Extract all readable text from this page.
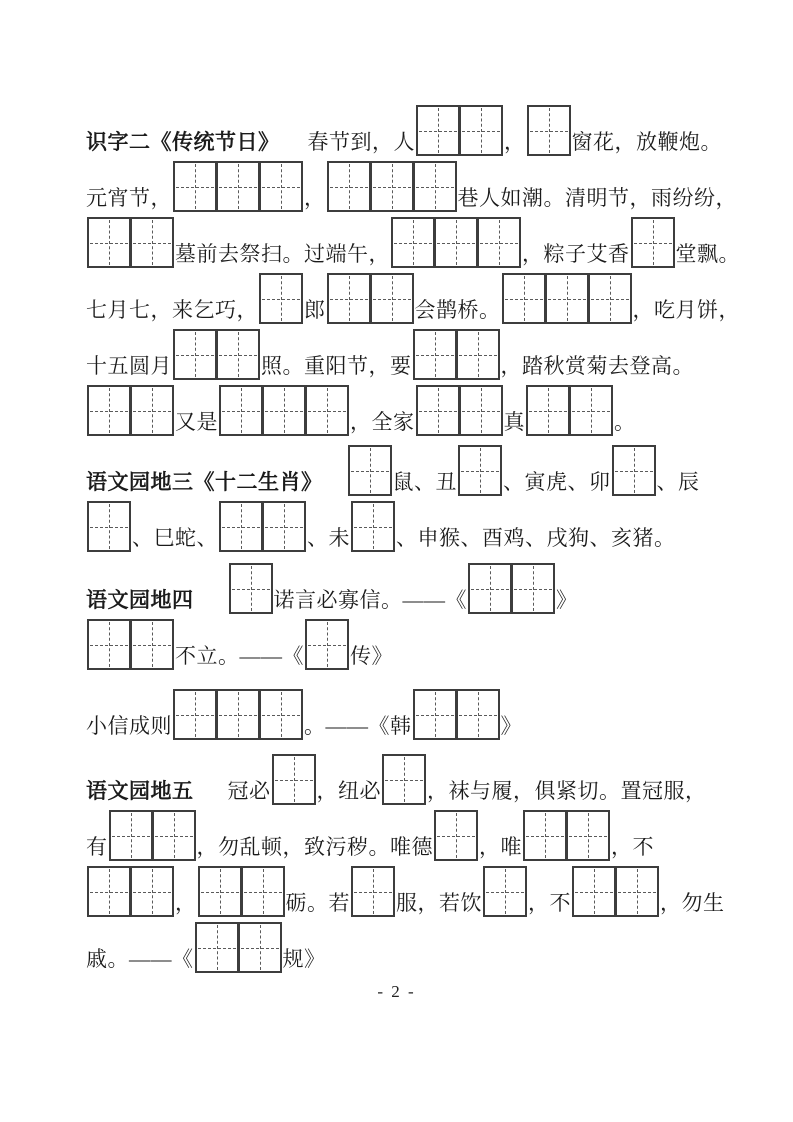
识字二《传统节日》 春节到，人	， 窗花，放鞭炮。
元宵节，	，	巷人如潮。清明节，雨纷纷，
墓前去祭扫。过端午，	，粽子艾香 堂飘。
七月七，来乞巧， 郎	会鹊桥。	，吃月饼，
十五圆月	照。重阳节，要	，踏秋赏菊去登高。
又是	，全家	真	。
语文园地三《十二生肖》	鼠、丑 、寅虎、卯 、辰
、巳蛇、	、未 、申猴、酉鸡、戌狗、亥猪。
语文园地四	诺言必寡信。——《	》
不立。——《 传》
小信成则	。——《韩	》
语文园地五 冠必 ，纽必 ，袜与履，俱紧切。置冠服，
有	，勿乱顿，致污秽。唯德 ，唯	，不
，	砺。若 服，若饮 ，不	，勿生
戚。——《	规》
- 2 -
